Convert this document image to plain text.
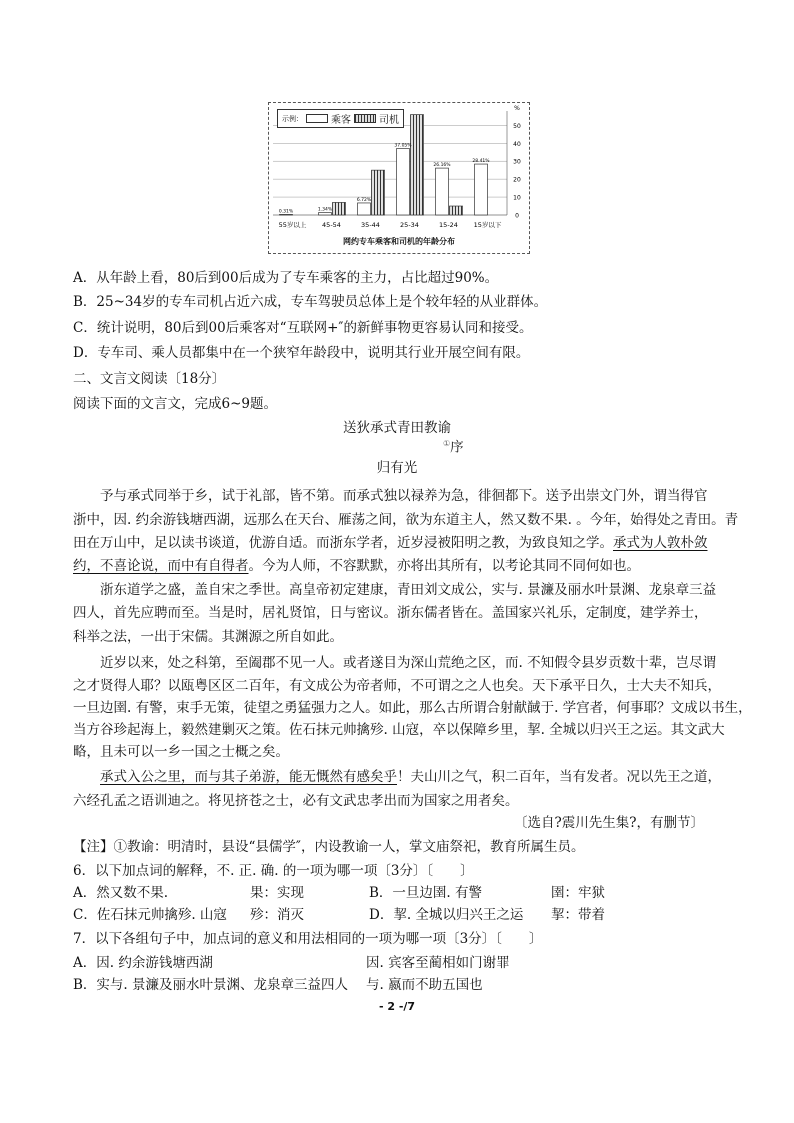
0
10
20
30
40
50
%
0.31%
55岁以上
1.34%
45-54
6.72%
35-44
37.05%
25-34
26.16%
15-24
28.41%
15岁以下
示例：	乘客	司机
网约专车乘客和司机的年龄分布
A．从年龄上看，80后到00后成为了专车乘客的主力，占比超过90%。
B．25~34岁的专车司机占近六成，专车驾驶员总体上是个较年轻的从业群体。
C．统计说明，80后到00后乘客对“互联网+″的新鲜事物更容易认同和接受。
D．专车司、乘人员都集中在一个狭窄年龄段中，说明其行业开展空间有限。
二、文言文阅读〔18分〕
阅读下面的文言文，完成6~9题。
送狄承式青田教谕
①序
归有光
予与承式同举于乡，试于礼部，皆不第。而承式独以禄养为急，徘徊都下。送予出崇文门外，谓当得官
浙中，因. 约余游钱塘西湖，远那么在天台、雁荡之间，欲为东道主人，然又数不果. 。今年，始得处之青田。青
田在万山中，足以读书谈道，优游自适。而浙东学者，近岁浸被阳明之教，为致良知之学。承式为人敦朴敛
约，不喜论说，而中有自得者。今为人师，不容默默，亦将出其所有，以考论其同不同何如也。
浙东道学之盛，盖自宋之季世。高皇帝初定建康，青田刘文成公，实与. 景濂及丽水叶景渊、龙泉章三益
四人，首先应聘而至。当是时，居礼贤馆，日与密议。浙东儒者皆在。盖国家兴礼乐，定制度，建学养士，
科举之法，一出于宋儒。其渊源之所自如此。
近岁以来，处之科第，至阖郡不见一人。或者遂目为深山荒绝之区，而. 不知假令县岁贡数十辈，岂尽谓
之才贤得人耶？以瓯粤区区二百年，有文成公为帝者师，不可谓之之人也矣。天下承平日久，士大夫不知兵，
一旦边圉. 有警，束手无策，徒望之勇猛强力之人。如此，那么古所谓合射献馘于. 学宫者，何事耶？文成以书生，
当方谷珍起海上，毅然建剿灭之策。佐石抹元帅擒殄. 山寇，卒以保障乡里，挈. 全城以归兴王之运。其文武大
略，且未可以一乡一国之士概之矣。
承式入公之里，而与其子弟游，能无慨然有感矣乎！夫山川之气，积二百年，当有发者。况以先王之道，
六经孔孟之语训迪之。将见挤苍之士，必有文武忠孝出而为国家之用者矣。
〔选自?震川先生集?，有删节〕
【注】①教谕：明清时，县设“县儒学″，内设教谕一人，掌文庙祭祀，教育所属生员。
6．以下加点词的解释，不. 正. 确. 的一项为哪一项〔3分〕〔　　〕
A．然又数不果.	果：实现	B．一旦边圉. 有警	圉：牢狱
C．佐石抹元帅擒殄. 山寇 殄：消灭	D．挈. 全城以归兴王之运 挈：带着
7．以下各组句子中，加点词的意义和用法相同的一项为哪一项〔3分〕〔　　〕
A．因. 约余游钱塘西湖	因. 宾客至蔺相如门谢罪
B．实与. 景濂及丽水叶景渊、龙泉章三益四人 与. 嬴而不助五国也
- 2 -/7
